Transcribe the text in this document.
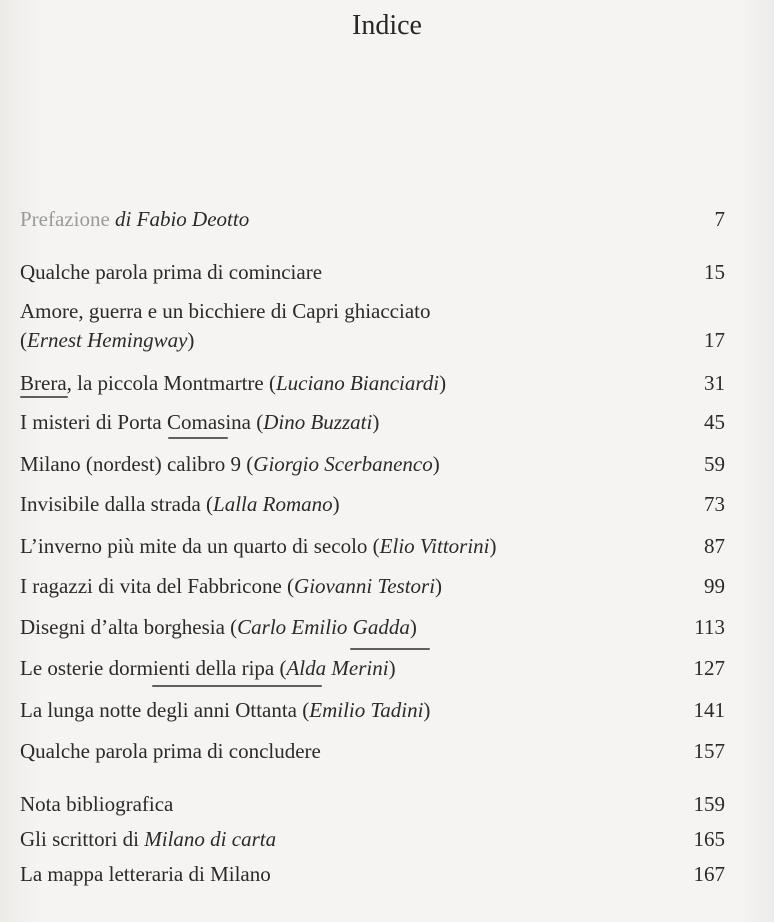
Indice
Prefazione di Fabio Deotto	7
Qualche parola prima di cominciare	15
Amore, guerra e un bicchiere di Capri ghiacciato
(Ernest Hemingway)	17
Brera, la piccola Montmartre (Luciano Bianciardi)	31
I misteri di Porta Comasina (Dino Buzzati)	45
Milano (nordest) calibro 9 (Giorgio Scerbanenco)	59
Invisibile dalla strada (Lalla Romano)	73
L’inverno più mite da un quarto di secolo (Elio Vittorini)	87
I ragazzi di vita del Fabbricone (Giovanni Testori)	99
Disegni d’alta borghesia (Carlo Emilio Gadda)	113
Le osterie dormienti della ripa (Alda Merini)	127
La lunga notte degli anni Ottanta (Emilio Tadini)	141
Qualche parola prima di concludere	157
Nota bibliografica	159
Gli scrittori di Milano di carta	165
La mappa letteraria di Milano	167
